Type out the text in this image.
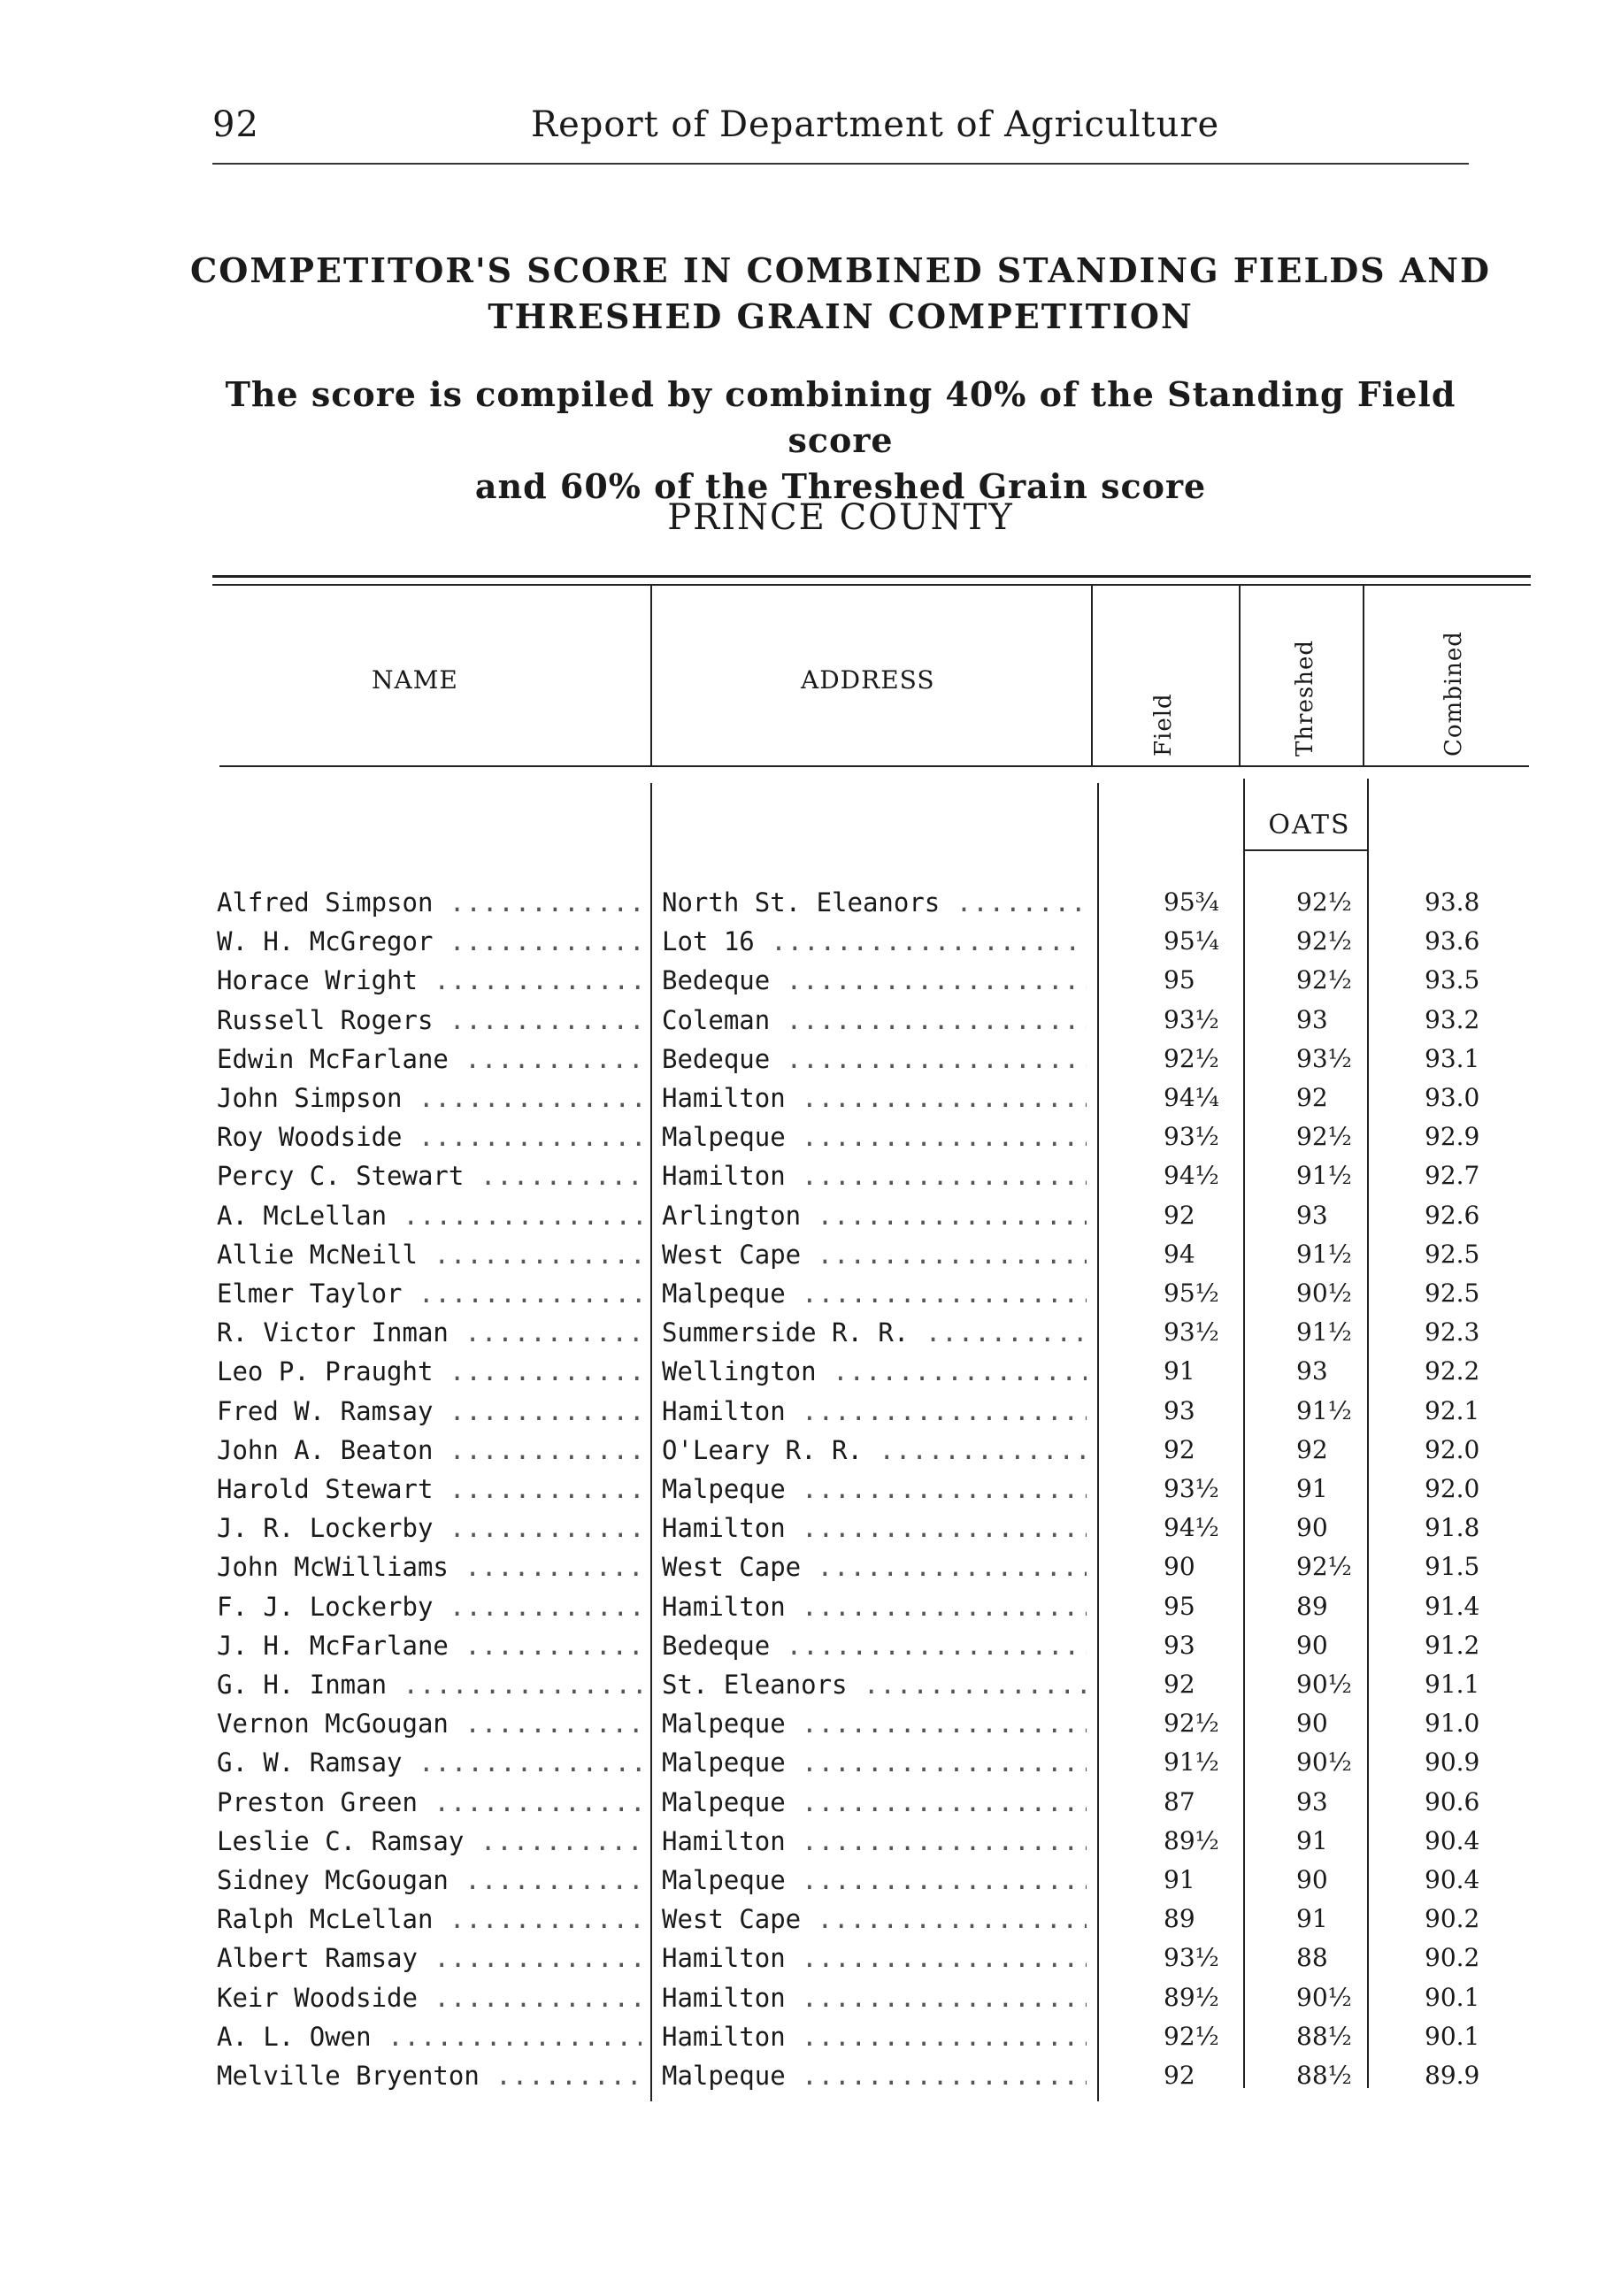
92	Report of Department of Agriculture
COMPETITOR'S SCORE IN COMBINED STANDING FIELDS AND
THRESHED GRAIN COMPETITION
The score is compiled by combining 40% of the Standing Field score
and 60% of the Threshed Grain score
PRINCE COUNTY
NAME	ADDRESS
Field	Threshed	Combined
OATS
Alfred Simpson .....	North St. Eleanors .....	95¾	92½	93.8
W. H. McGregor .....	Lot 16 .....	95¼	92½	93.6
Horace Wright .....	Bedeque .....	95	92½	93.5
Russell Rogers .....	Coleman .....	93½	93	93.2
Edwin McFarlane .....	Bedeque .....	92½	93½	93.1
John Simpson .....	Hamilton .....	94¼	92	93.0
Roy Woodside .....	Malpeque .....	93½	92½	92.9
Percy C. Stewart .....	Hamilton .....	94½	91½	92.7
A. McLellan .....	Arlington .....	92	93	92.6
Allie McNeill .....	West Cape .....	94	91½	92.5
Elmer Taylor .....	Malpeque .....	95½	90½	92.5
R. Victor Inman .....	Summerside R. R. .....	93½	91½	92.3
Leo P. Praught .....	Wellington .....	91	93	92.2
Fred W. Ramsay .....	Hamilton .....	93	91½	92.1
John A. Beaton .....	O'Leary R. R. .....	92	92	92.0
Harold Stewart .....	Malpeque .....	93½	91	92.0
J. R. Lockerby .....	Hamilton .....	94½	90	91.8
John McWilliams .....	West Cape .....	90	92½	91.5
F. J. Lockerby .....	Hamilton .....	95	89	91.4
J. H. McFarlane .....	Bedeque .....	93	90	91.2
G. H. Inman .....	St. Eleanors .....	92	90½	91.1
Vernon McGougan .....	Malpeque .....	92½	90	91.0
G. W. Ramsay .....	Malpeque .....	91½	90½	90.9
Preston Green .....	Malpeque .....	87	93	90.6
Leslie C. Ramsay .....	Hamilton .....	89½	91	90.4
Sidney McGougan .....	Malpeque .....	91	90	90.4
Ralph McLellan .....	West Cape .....	89	91	90.2
Albert Ramsay .....	Hamilton .....	93½	88	90.2
Keir Woodside .....	Hamilton .....	89½	90½	90.1
A. L. Owen .....	Hamilton .....	92½	88½	90.1
Melville Bryenton .....	Malpeque .....	92	88½	89.9
